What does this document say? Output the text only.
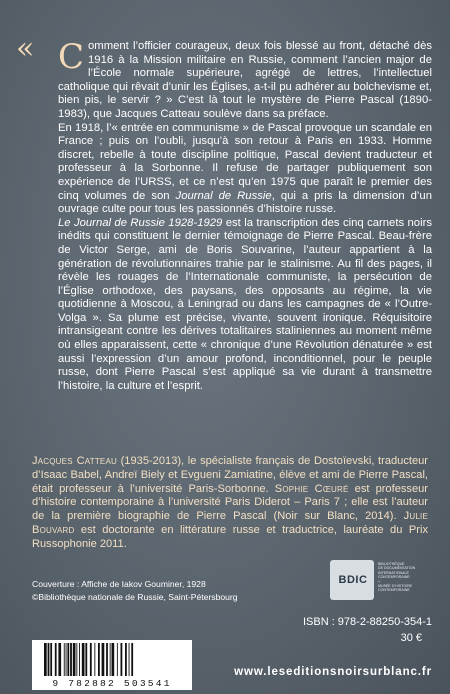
« Comment l’officier courageux, deux fois blessé au front, détaché dès 1916 à la Mission militaire en Russie, comment l’ancien major de l’École normale supérieure, agrégé de lettres, l’intellectuel catholique qui rêvait d’unir les Églises, a-t-il pu adhérer au bolchevisme et, bien pis, le servir ? » C’est là tout le mystère de Pierre Pascal (1890-1983), que Jacques Catteau soulève dans sa préface.

En 1918, l’« entrée en communisme » de Pascal provoque un scandale en France ; puis on l’oubli, jusqu’à son retour à Paris en 1933. Homme discret, rebelle à toute discipline politique, Pascal devient traducteur et professeur à la Sorbonne. Il refuse de partager publiquement son expérience de l’URSS, et ce n’est qu’en 1975 que paraît le premier des cinq volumes de son Journal de Russie, qui a pris la dimension d’un ouvrage culte pour tous les passionnés d’histoire russe.

Le Journal de Russie 1928-1929 est la transcription des cinq carnets noirs inédits qui constituent le dernier témoignage de Pierre Pascal. Beau-frère de Victor Serge, ami de Boris Souvarine, l’auteur appartient à la génération de révolutionnaires trahie par le stalinisme. Au fil des pages, il révèle les rouages de l’Internationale communiste, la persécution de l’Église orthodoxe, des paysans, des opposants au régime, la vie quotidienne à Moscou, à Leningrad ou dans les campagnes de « l’Outre-Volga ». Sa plume est précise, vivante, souvent ironique. Réquisitoire intransigeant contre les dérives totalitaires staliniennes au moment même où elles apparaissent, cette « chronique d’une Révolution dénaturée » est aussi l’expression d’un amour profond, inconditionnel, pour le peuple russe, dont Pierre Pascal s’est appliqué sa vie durant à transmettre l’histoire, la culture et l’esprit.

Jacques Catteau (1935-2013), le spécialiste français de Dostoïevski, traducteur d’Isaac Babel, Andreï Biely et Evgueni Zamiatine, élève et ami de Pierre Pascal, était professeur à l’université Paris-Sorbonne. Sophie Cœuré est professeur d’histoire contemporaine à l’université Paris Diderot – Paris 7 ; elle est l’auteur de la première biographie de Pierre Pascal (Noir sur Blanc, 2014). Julie Bouvard est doctorante en littérature russe et traductrice, lauréate du Prix Russophonie 2011.
Couverture : Affiche de Iakov Gouminer, 1928
©Bibliothèque nationale de Russie, Saint-Pétersbourg
BDIC
BIBLIOTHÈQUE
DE DOCUMENTATION
INTERNATIONALE
CONTEMPORAINE
+
MUSÉE D’HISTOIRE
CONTEMPORAINE
ISBN : 978-2-88250-354-1
30 €
9 782882 503541
www.leseditionsnoirsurblanc.fr
